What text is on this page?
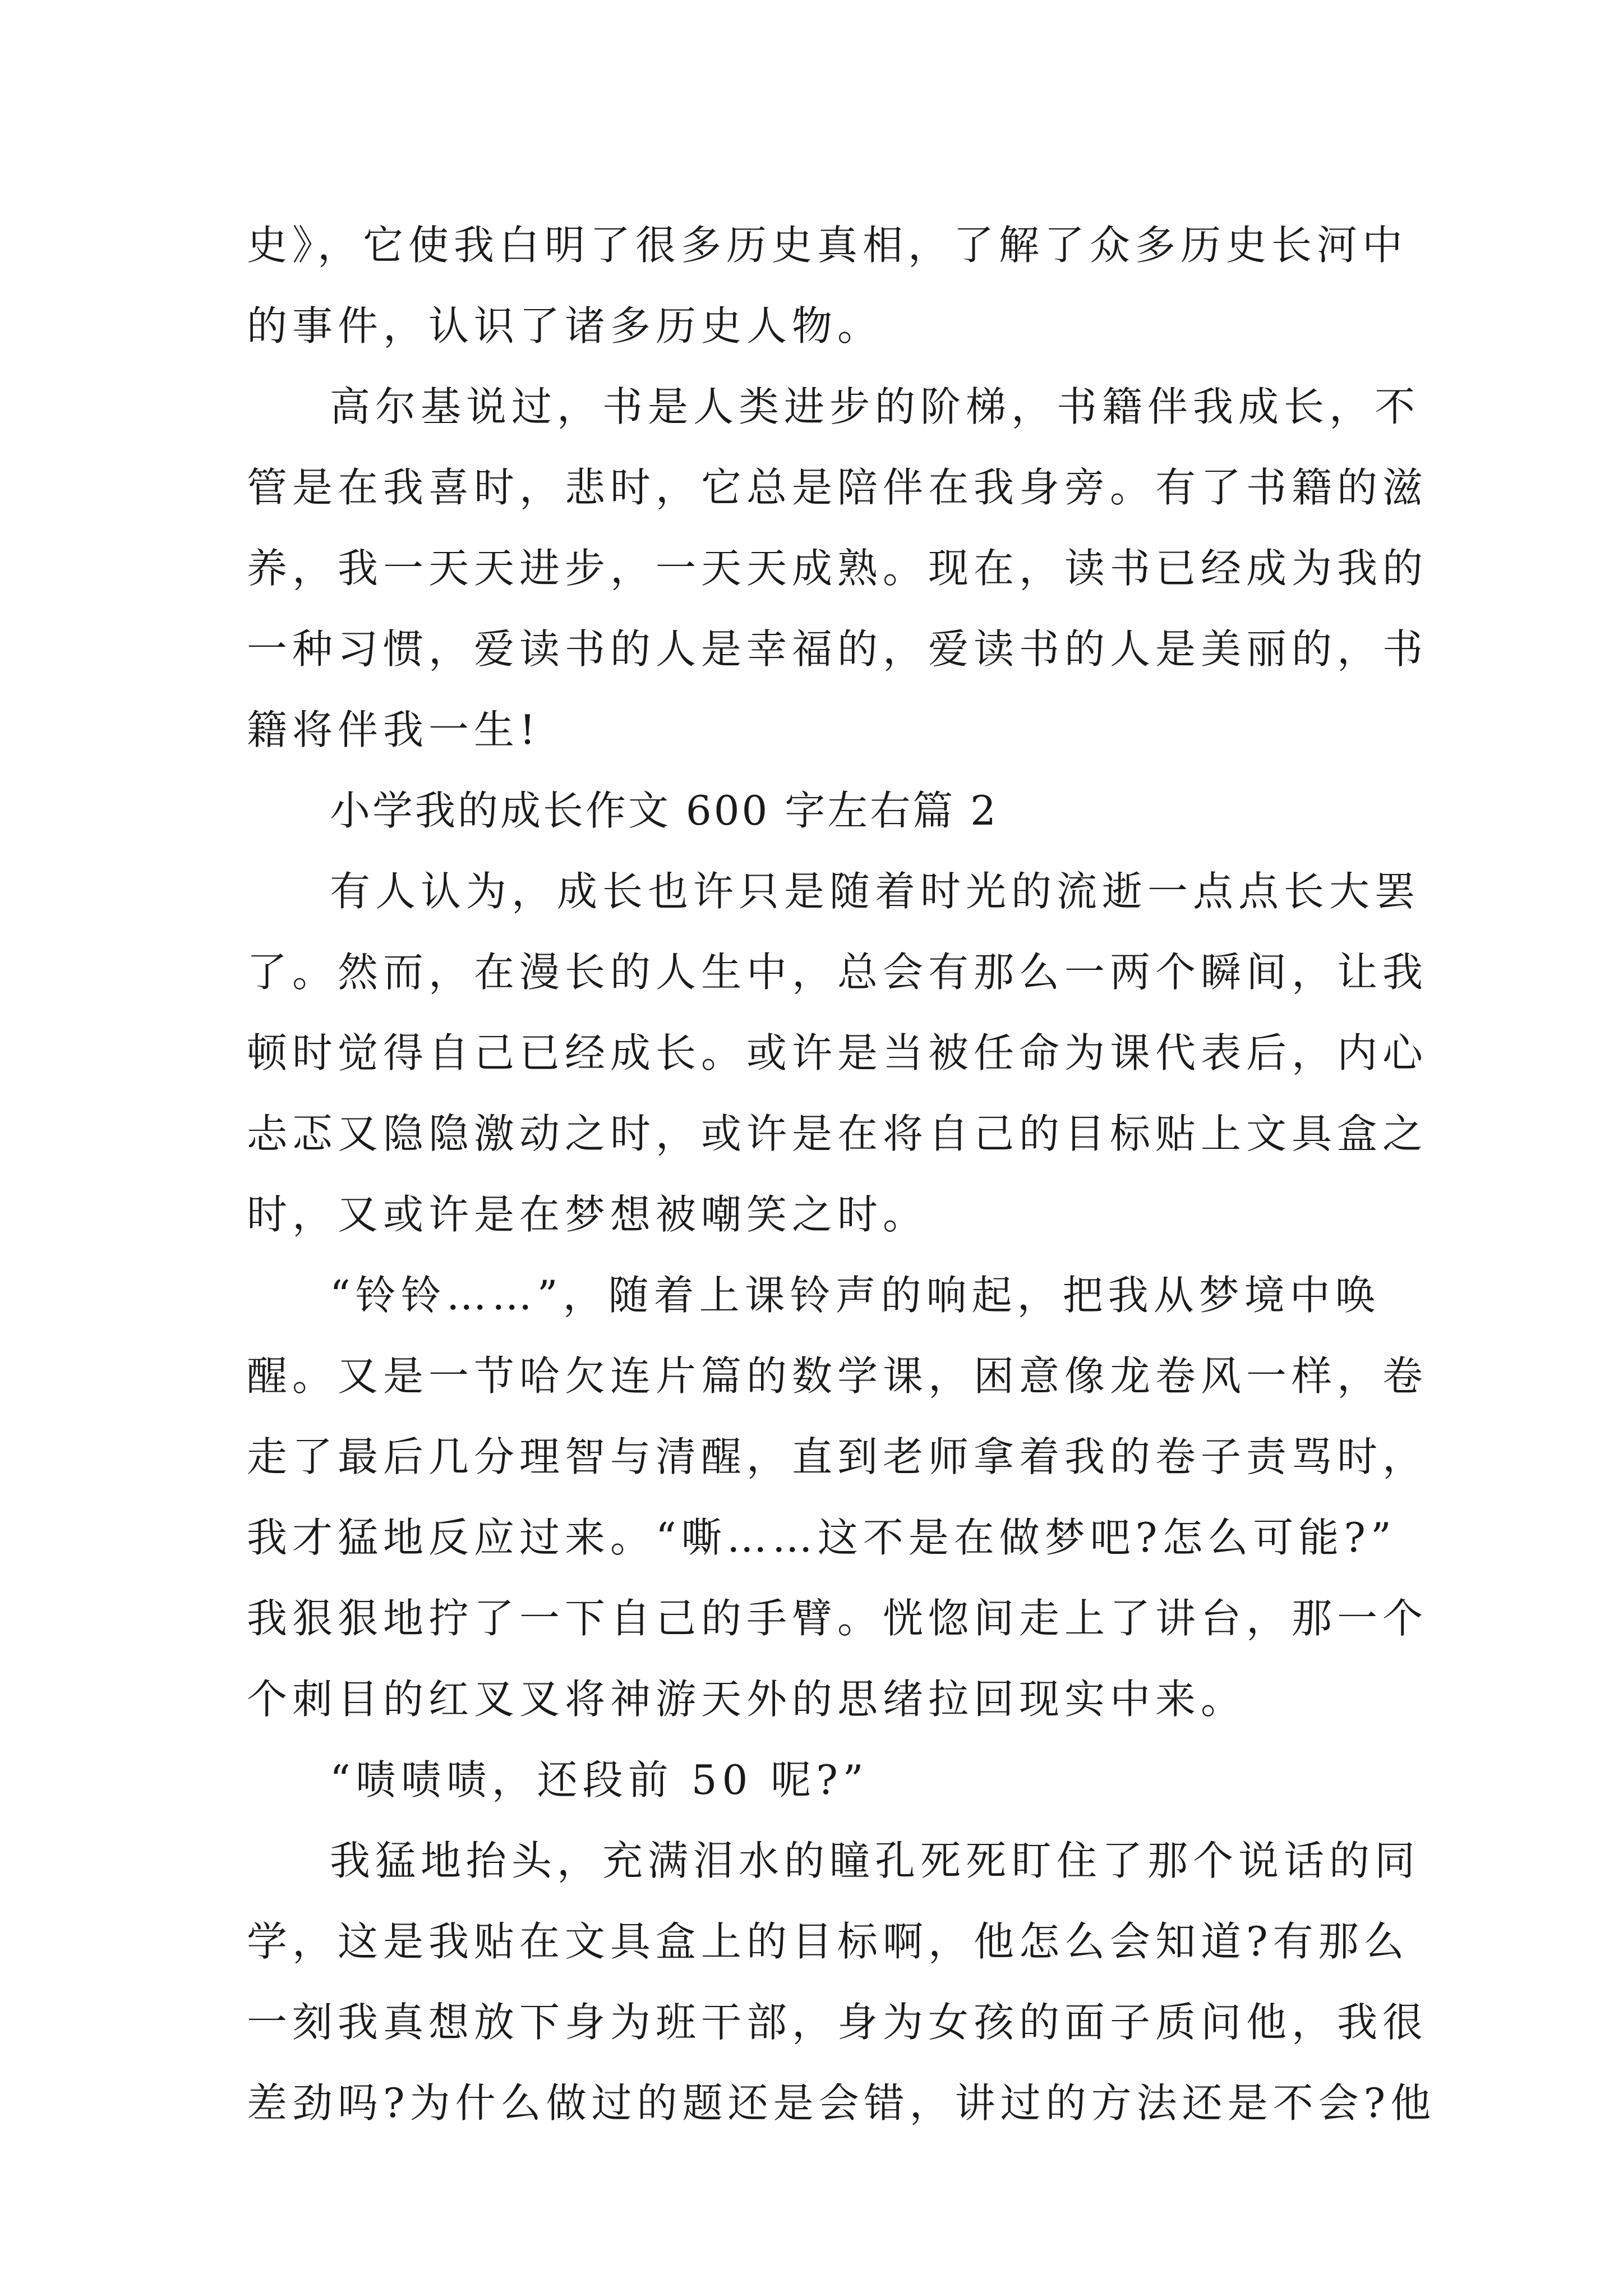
史》，它使我白明了很多历史真相，了解了众多历史长河中
的事件，认识了诸多历史人物。
高尔基说过，书是人类进步的阶梯，书籍伴我成长，不
管是在我喜时，悲时，它总是陪伴在我身旁。有了书籍的滋
养，我一天天进步，一天天成熟。现在，读书已经成为我的
一种习惯，爱读书的人是幸福的，爱读书的人是美丽的，书
籍将伴我一生!
小学我的成长作文 600 字左右篇 2
有人认为，成长也许只是随着时光的流逝一点点长大罢
了。然而，在漫长的人生中，总会有那么一两个瞬间，让我
顿时觉得自己已经成长。或许是当被任命为课代表后，内心
忐忑又隐隐激动之时，或许是在将自己的目标贴上文具盒之
时，又或许是在梦想被嘲笑之时。
“铃铃……”，随着上课铃声的响起，把我从梦境中唤
醒。又是一节哈欠连片篇的数学课，困意像龙卷风一样，卷
走了最后几分理智与清醒，直到老师拿着我的卷子责骂时，
我才猛地反应过来。“嘶……这不是在做梦吧?怎么可能?”
我狠狠地拧了一下自己的手臂。恍惚间走上了讲台，那一个
个刺目的红叉叉将神游天外的思绪拉回现实中来。
“啧啧啧，还段前 50 呢?”
我猛地抬头，充满泪水的瞳孔死死盯住了那个说话的同
学，这是我贴在文具盒上的目标啊，他怎么会知道?有那么
一刻我真想放下身为班干部，身为女孩的面子质问他，我很
差劲吗?为什么做过的题还是会错，讲过的方法还是不会?他
